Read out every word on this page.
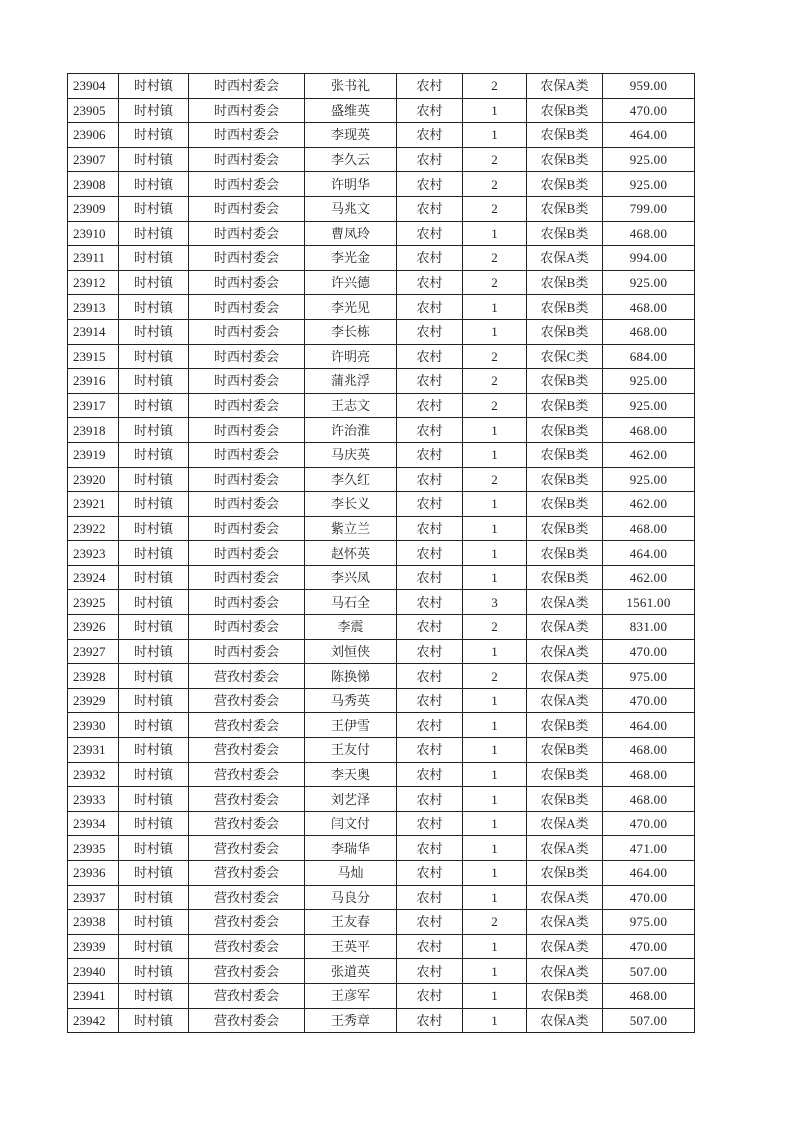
23904	时村镇	时西村委会	张书礼	农村	2	农保A类	959.00
23905	时村镇	时西村委会	盛维英	农村	1	农保B类	470.00
23906	时村镇	时西村委会	李现英	农村	1	农保B类	464.00
23907	时村镇	时西村委会	李久云	农村	2	农保B类	925.00
23908	时村镇	时西村委会	许明华	农村	2	农保B类	925.00
23909	时村镇	时西村委会	马兆文	农村	2	农保B类	799.00
23910	时村镇	时西村委会	曹凤玲	农村	1	农保B类	468.00
23911	时村镇	时西村委会	李光金	农村	2	农保A类	994.00
23912	时村镇	时西村委会	许兴德	农村	2	农保B类	925.00
23913	时村镇	时西村委会	李光见	农村	1	农保B类	468.00
23914	时村镇	时西村委会	李长栋	农村	1	农保B类	468.00
23915	时村镇	时西村委会	许明亮	农村	2	农保C类	684.00
23916	时村镇	时西村委会	蒲兆浮	农村	2	农保B类	925.00
23917	时村镇	时西村委会	王志文	农村	2	农保B类	925.00
23918	时村镇	时西村委会	许治淮	农村	1	农保B类	468.00
23919	时村镇	时西村委会	马庆英	农村	1	农保B类	462.00
23920	时村镇	时西村委会	李久红	农村	2	农保B类	925.00
23921	时村镇	时西村委会	李长义	农村	1	农保B类	462.00
23922	时村镇	时西村委会	紫立兰	农村	1	农保B类	468.00
23923	时村镇	时西村委会	赵怀英	农村	1	农保B类	464.00
23924	时村镇	时西村委会	李兴凤	农村	1	农保B类	462.00
23925	时村镇	时西村委会	马石全	农村	3	农保A类	1561.00
23926	时村镇	时西村委会	李震	农村	2	农保A类	831.00
23927	时村镇	时西村委会	刘恒侠	农村	1	农保A类	470.00
23928	时村镇	营孜村委会	陈换悌	农村	2	农保A类	975.00
23929	时村镇	营孜村委会	马秀英	农村	1	农保A类	470.00
23930	时村镇	营孜村委会	王伊雪	农村	1	农保B类	464.00
23931	时村镇	营孜村委会	王友付	农村	1	农保B类	468.00
23932	时村镇	营孜村委会	李天奥	农村	1	农保B类	468.00
23933	时村镇	营孜村委会	刘艺泽	农村	1	农保B类	468.00
23934	时村镇	营孜村委会	闫文付	农村	1	农保A类	470.00
23935	时村镇	营孜村委会	李瑞华	农村	1	农保A类	471.00
23936	时村镇	营孜村委会	马灿	农村	1	农保B类	464.00
23937	时村镇	营孜村委会	马良分	农村	1	农保A类	470.00
23938	时村镇	营孜村委会	王友春	农村	2	农保A类	975.00
23939	时村镇	营孜村委会	王英平	农村	1	农保A类	470.00
23940	时村镇	营孜村委会	张道英	农村	1	农保A类	507.00
23941	时村镇	营孜村委会	王彦军	农村	1	农保B类	468.00
23942	时村镇	营孜村委会	王秀章	农村	1	农保A类	507.00
